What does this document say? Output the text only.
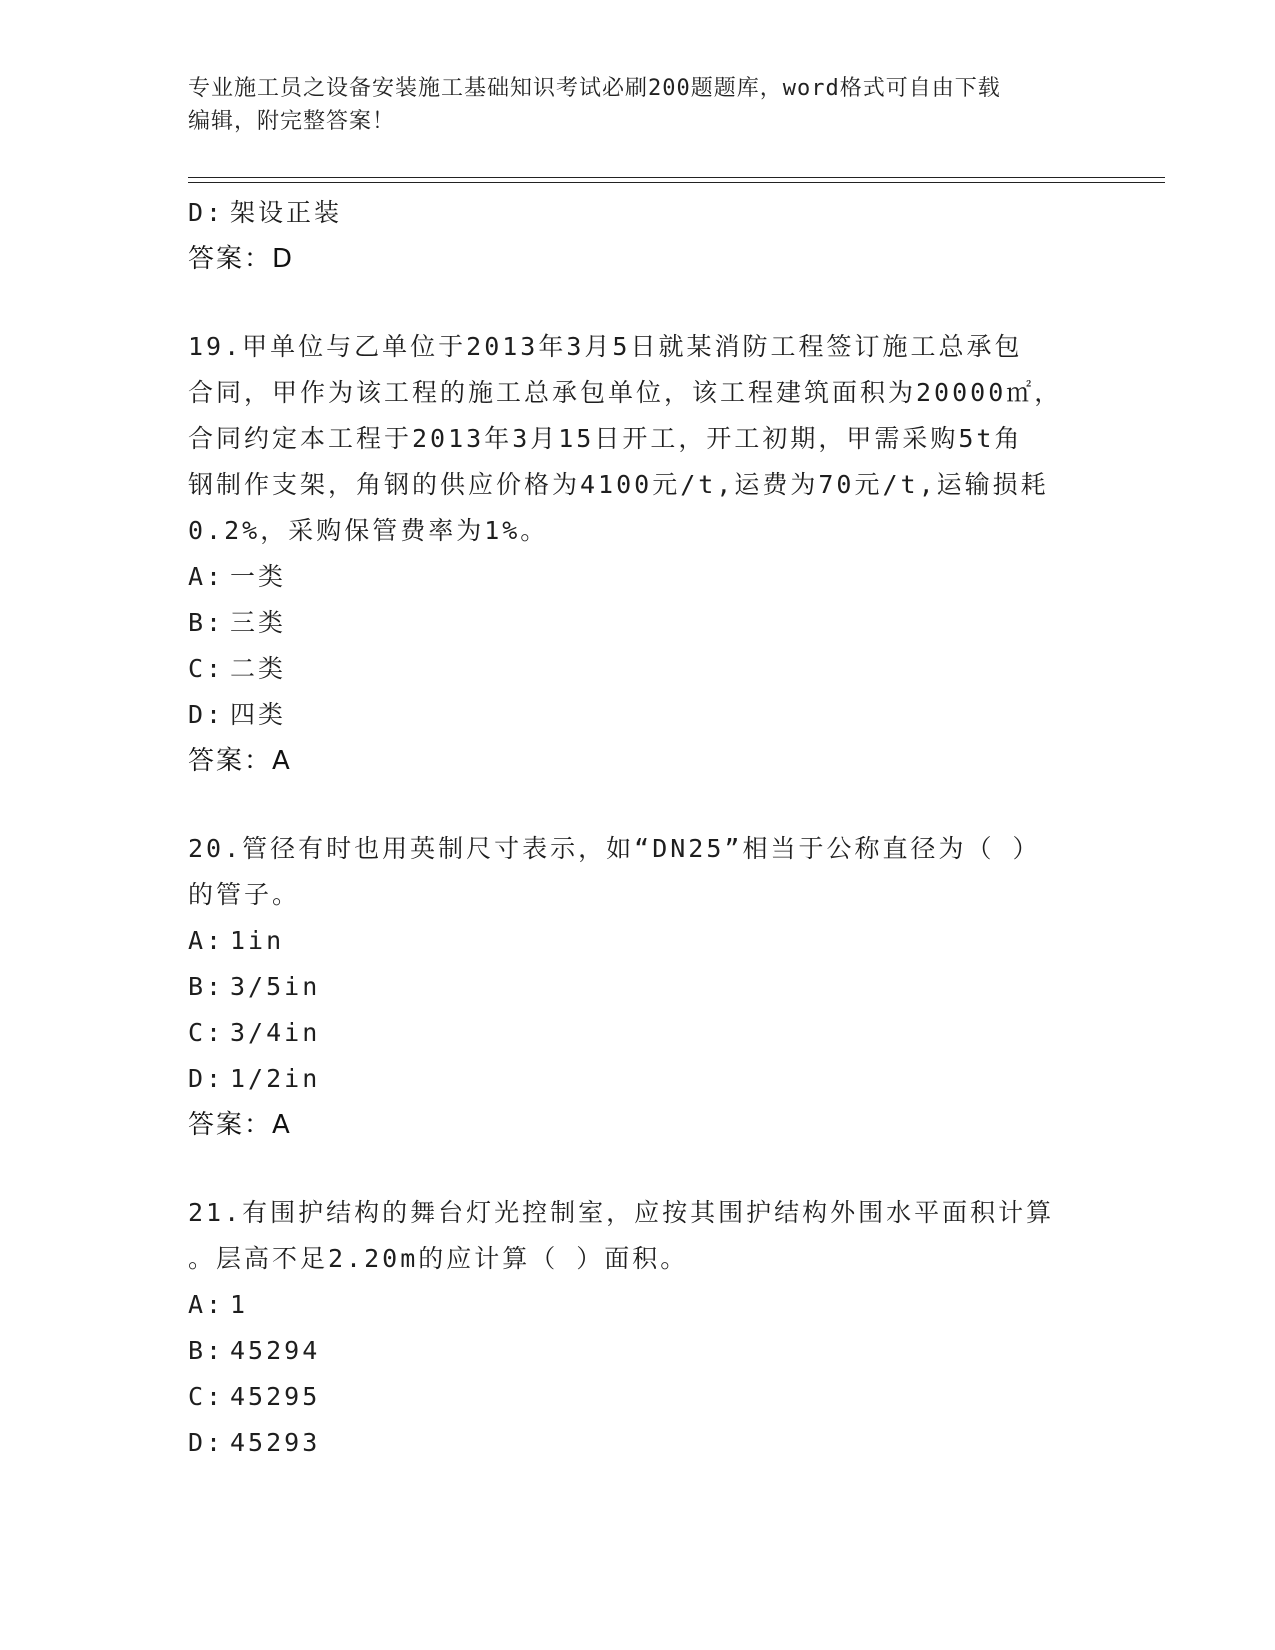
专业施工员之设备安装施工基础知识考试必刷200题题库，word格式可自由下载
编辑，附完整答案！
D: 架设正装
答案：D
19.甲单位与乙单位于2013年3月5日就某消防工程签订施工总承包
合同，甲作为该工程的施工总承包单位，该工程建筑面积为20000㎡，
合同约定本工程于2013年3月15日开工，开工初期，甲需采购5t角
钢制作支架，角钢的供应价格为4100元/t,运费为70元/t,运输损耗
0.2%，采购保管费率为1%。
A: 一类
B: 三类
C: 二类
D: 四类
答案：A
20.管径有时也用英制尺寸表示，如“DN25”相当于公称直径为（ ）
的管子。
A: 1in
B: 3/5in
C: 3/4in
D: 1/2in
答案：A
21.有围护结构的舞台灯光控制室，应按其围护结构外围水平面积计算
。层高不足2.20m的应计算（ ）面积。
A: 1
B: 45294
C: 45295
D: 45293
